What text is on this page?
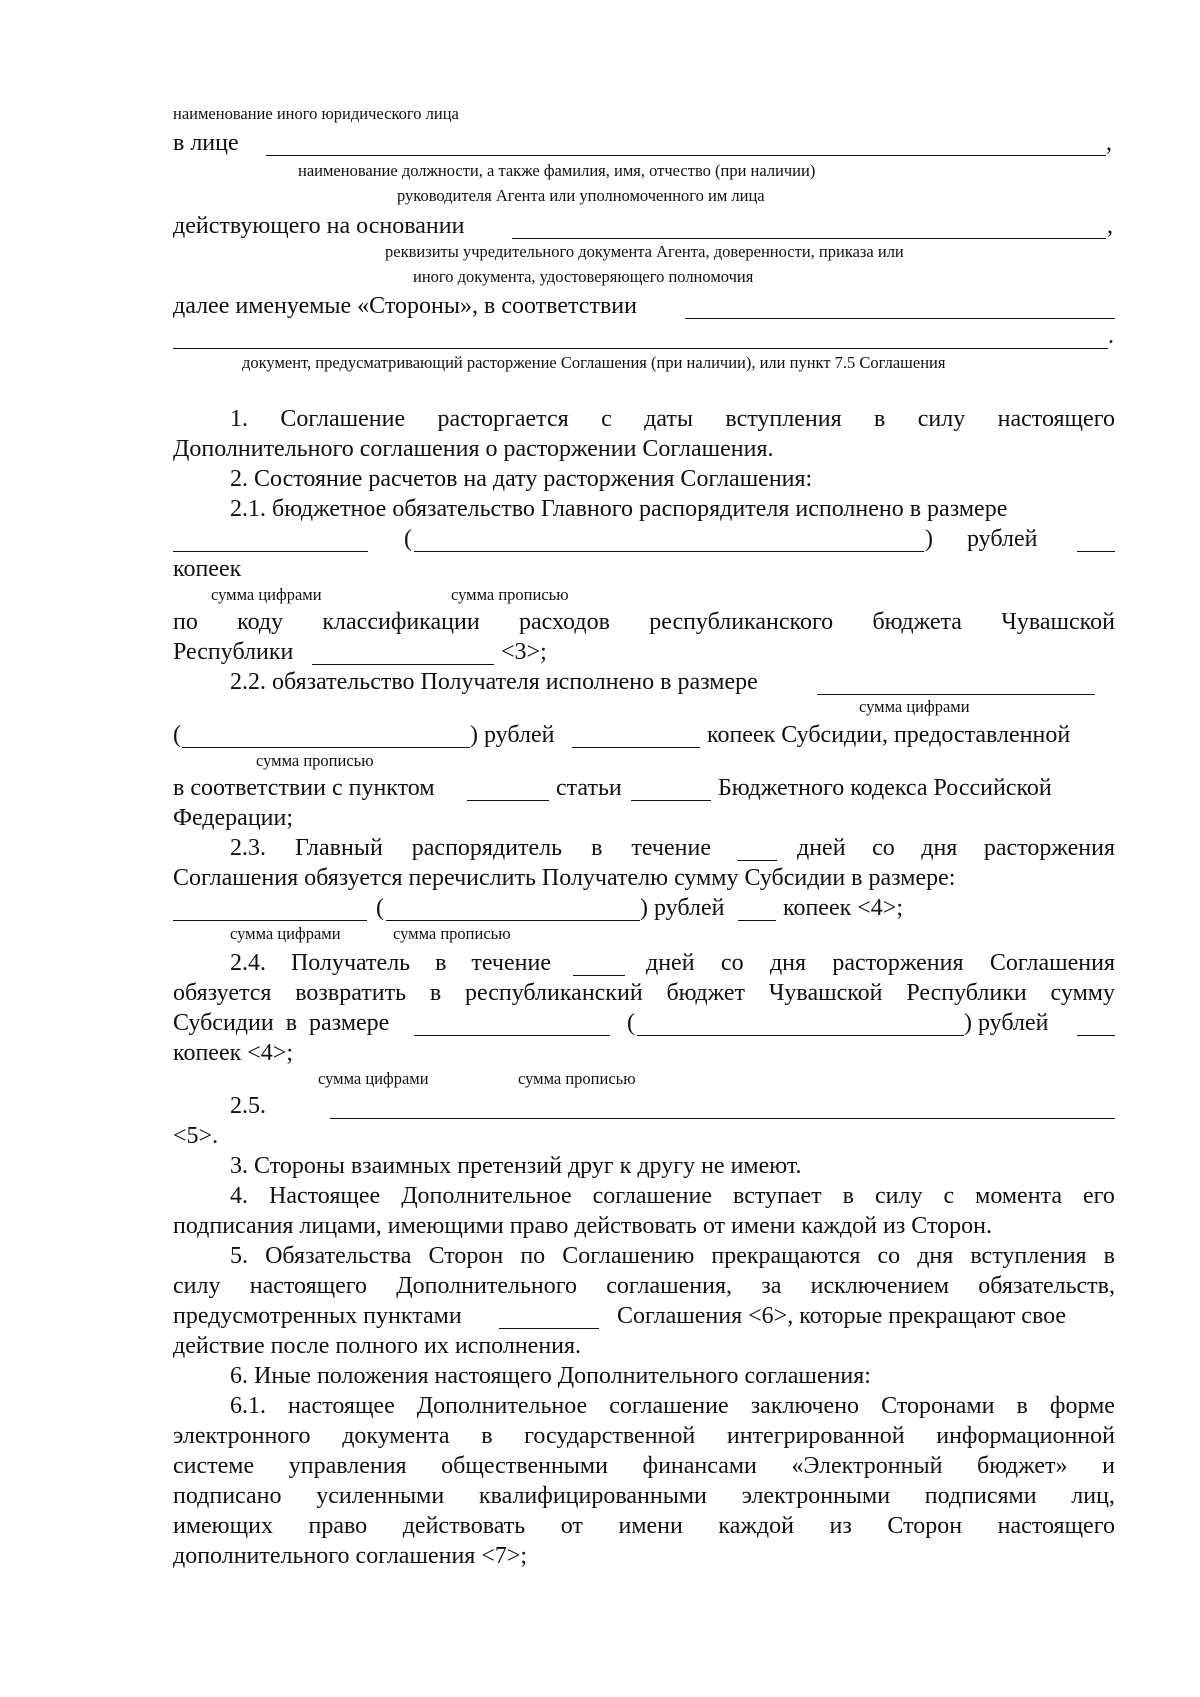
наименование иного юридического лица
в лице	,
наименование должности, а также фамилия, имя, отчество (при наличии)
руководителя Агента или уполномоченного им лица
действующего на основании	,
реквизиты учредительного документа Агента, доверенности, приказа или
иного документа, удостоверяющего полномочия
далее именуемые «Стороны», в соответствии
.
документ, предусматривающий расторжение Соглашения (при наличии), или пункт 7.5 Соглашения
1. Соглашение расторгается с даты вступления в силу настоящего
Дополнительного соглашения о расторжении Соглашения.
2. Состояние расчетов на дату расторжения Соглашения:
2.1. бюджетное обязательство Главного распорядителя исполнено в размере
(	) рублей
копеек
сумма цифрами	сумма прописью
по коду классификации расходов республиканского бюджета Чувашской
Республики	<3>;
2.2. обязательство Получателя исполнено в размере
сумма цифрами
(	) рублей	копеек Субсидии, предоставленной
сумма прописью
в соответствии с пунктом	статьи	Бюджетного кодекса Российской
Федерации;
2.3. Главный распорядитель в течение	дней со дня расторжения
Соглашения обязуется перечислить Получателю сумму Субсидии в размере:
(	) рублей копеек <4>;
сумма цифрами	сумма прописью
2.4. Получатель в течение	дней со дня расторжения Соглашения
обязуется возвратить в республиканский бюджет Чувашской Республики сумму
Субсидии в размере	(	) рублей
копеек <4>;
сумма цифрами	сумма прописью
2.5.
<5>.
3. Стороны взаимных претензий друг к другу не имеют.
4. Настоящее Дополнительное соглашение вступает в силу с момента его
подписания лицами, имеющими право действовать от имени каждой из Сторон.
5. Обязательства Сторон по Соглашению прекращаются со дня вступления в
силу настоящего Дополнительного соглашения, за исключением обязательств,
предусмотренных пунктами	Соглашения <6>, которые прекращают свое
действие после полного их исполнения.
6. Иные положения настоящего Дополнительного соглашения:
6.1. настоящее Дополнительное соглашение заключено Сторонами в форме
электронного документа в государственной интегрированной информационной
системе управления общественными финансами «Электронный бюджет» и
подписано усиленными квалифицированными электронными подписями лиц,
имеющих право действовать от имени каждой из Сторон настоящего
дополнительного соглашения <7>;
